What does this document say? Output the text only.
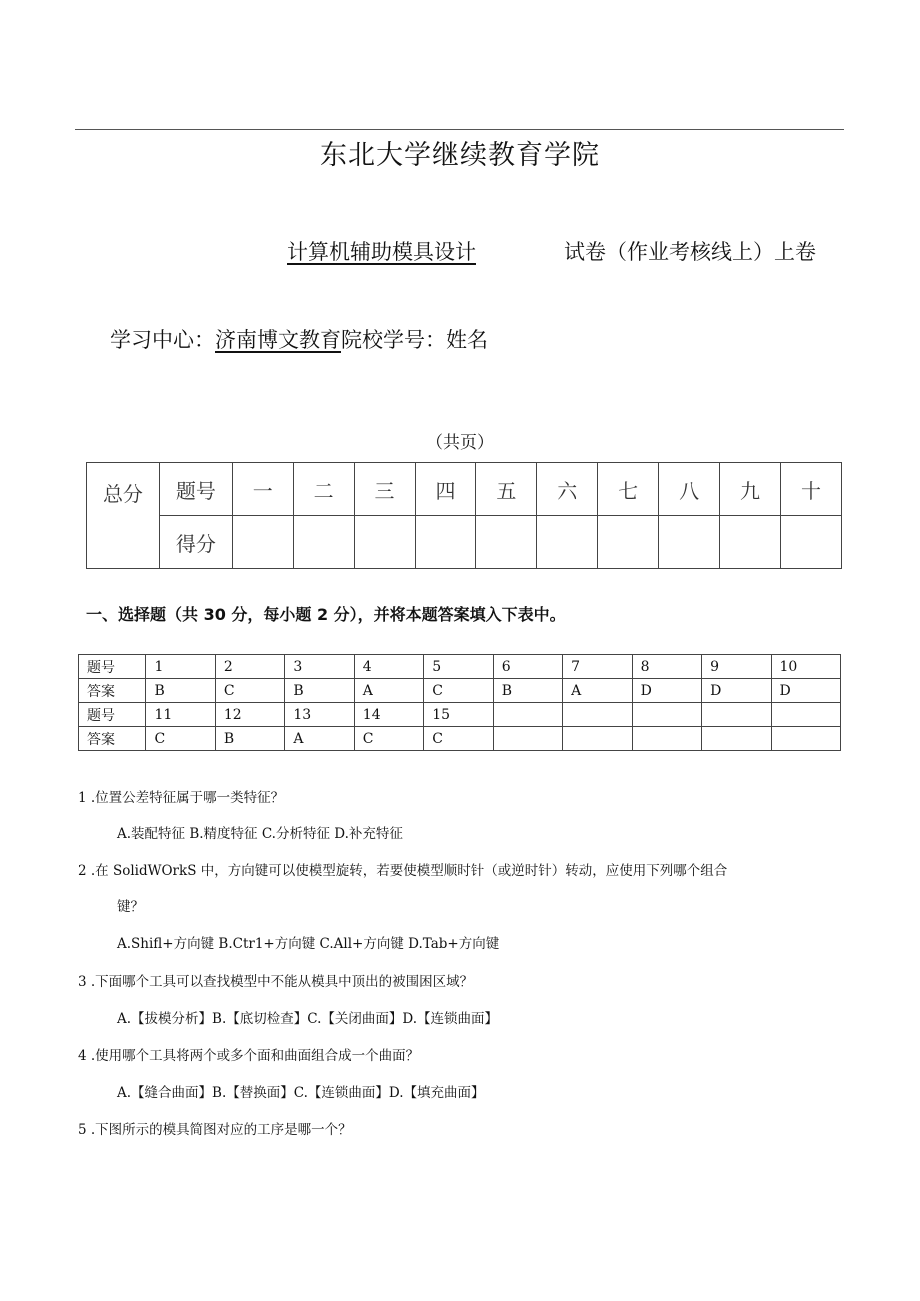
东北大学继续教育学院
计算机辅助模具设计	试卷（作业考核线上）上卷
学习中心：济南博文教育院校学号：姓名
（共页）
总分	题号	一	二	三	四	五	六	七	八	九	十
	得分										
一、选择题（共 30 分，每小题 2 分），并将本题答案填入下表中。
题号	1	2	3	4	5	6	7	8	9	10
答案	B	C	B	A	C	B	A	D	D	D
题号	11	12	13	14	15					
答案	C	B	A	C	C					
1 .位置公差特征属于哪一类特征？
A.装配特征 B.精度特征 C.分析特征 D.补充特征
2 .在 SolidWOrkS 中，方向键可以使模型旋转，若要使模型顺时针（或逆时针）转动，应使用下列哪个组合
键？
A.Shifl+方向键 B.Ctr1+方向键 C.All+方向键 D.Tab+方向键
3 .下面哪个工具可以查找模型中不能从模具中顶出的被围困区域？
A.【拔模分析】B.【底切检查】C.【关闭曲面】D.【连锁曲面】
4 .使用哪个工具将两个或多个面和曲面组合成一个曲面？
A.【缝合曲面】B.【替换面】C.【连锁曲面】D.【填充曲面】
5 .下图所示的模具简图对应的工序是哪一个？
